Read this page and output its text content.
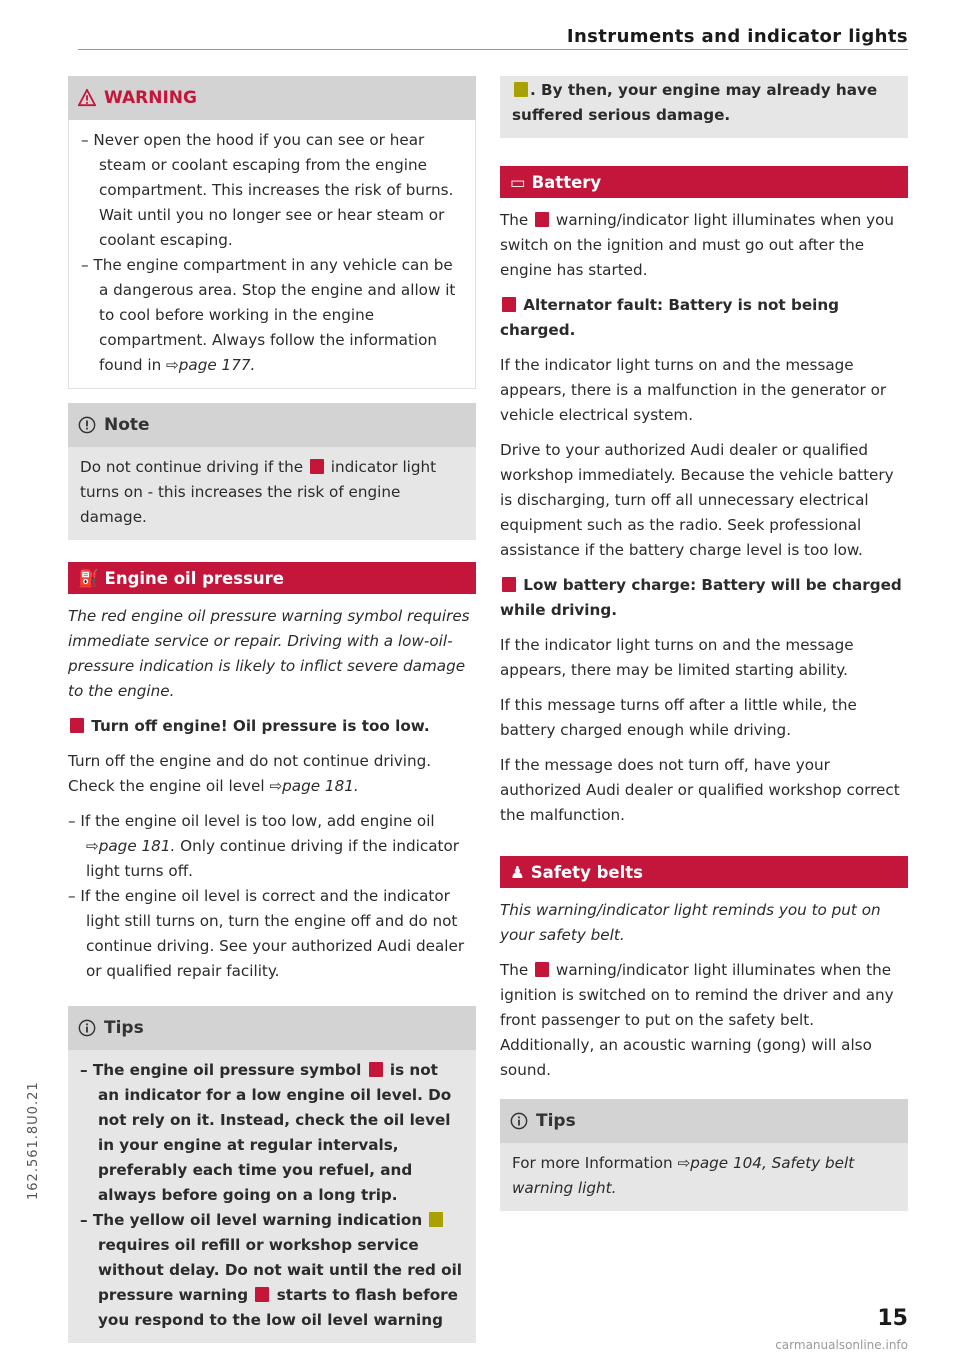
Instruments and indicator lights
WARNING

– Never open the hood if you can see or hear steam or coolant escaping from the engine compartment. This increases the risk of burns. Wait until you no longer see or hear steam or coolant escaping.

– The engine compartment in any vehicle can be a dangerous area. Stop the engine and allow it to cool before working in the engine compartment. Always follow the information found in ⇨page 177.

Note

Do not continue driving if the indicator light turns on - this increases the risk of engine damage.

⛽ Engine oil pressure

The red engine oil pressure warning symbol requires immediate service or repair. Driving with a low-oil-pressure indication is likely to inflict severe damage to the engine.

Turn off engine! Oil pressure is too low.

Turn off the engine and do not continue driving. Check the engine oil level ⇨page 181.

– If the engine oil level is too low, add engine oil ⇨page 181. Only continue driving if the indicator light turns off.

– If the engine oil level is correct and the indicator light still turns on, turn the engine off and do not continue driving. See your authorized Audi dealer or qualified repair facility.

Tips

– The engine oil pressure symbol is not an indicator for a low engine oil level. Do not rely on it. Instead, check the oil level in your engine at regular intervals, preferably each time you refuel, and always before going on a long trip.

– The yellow oil level warning indication  requires oil refill or workshop service without delay. Do not wait until the red oil pressure warning starts to flash before you respond to the low oil level warning

. By then, your engine may already have suffered serious damage.

▭ Battery

The warning/indicator light illuminates when you switch on the ignition and must go out after the engine has started.

Alternator fault: Battery is not being charged.

If the indicator light turns on and the message appears, there is a malfunction in the generator or vehicle electrical system.

Drive to your authorized Audi dealer or qualified workshop immediately. Because the vehicle battery is discharging, turn off all unnecessary electrical equipment such as the radio. Seek professional assistance if the battery charge level is too low.

Low battery charge: Battery will be charged while driving.

If the indicator light turns on and the message appears, there may be limited starting ability.

If this message turns off after a little while, the battery charged enough while driving.

If the message does not turn off, have your authorized Audi dealer or qualified workshop correct the malfunction.

♟ Safety belts

This warning/indicator light reminds you to put on your safety belt.

The warning/indicator light illuminates when the ignition is switched on to remind the driver and any front passenger to put on the safety belt. Additionally, an acoustic warning (gong) will also sound.

Tips

For more Information ⇨page 104, Safety belt warning light.

162.561.8U0.21
15
carmanualsonline.info
